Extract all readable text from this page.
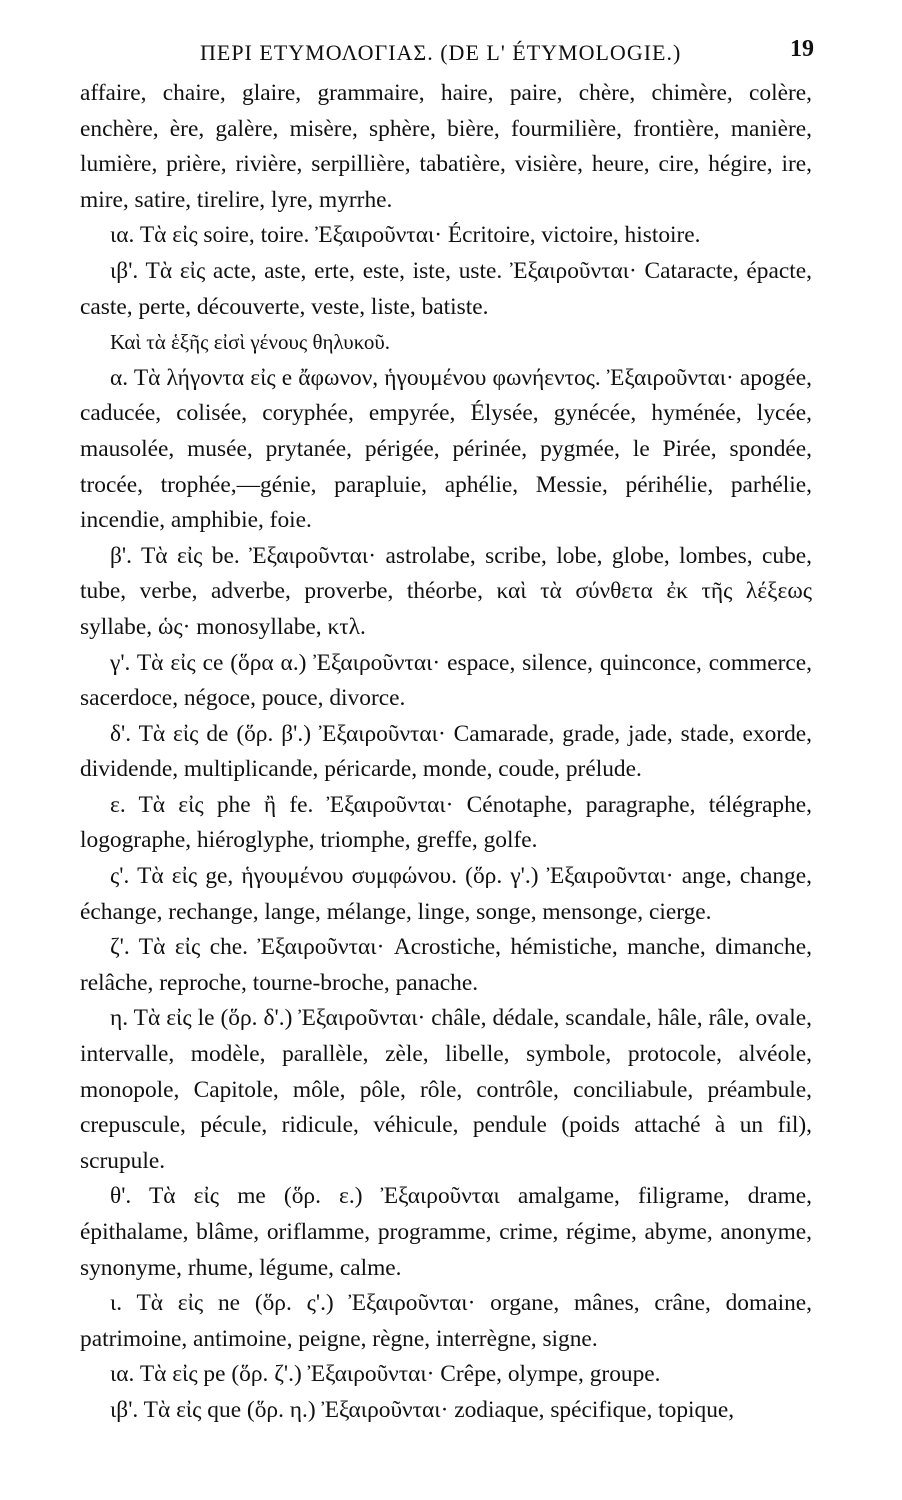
ΠΕΡΙ ΕΤΥΜΟΛΟΓΙΑΣ. (DE L' ÉTYMOLOGIE.)	19

affaire, chaire, glaire, grammaire, haire, paire, chère, chimère, colère, enchère, ère, galère, misère, sphère, bière, fourmilière, frontière, manière, lumière, prière, rivière, serpillière, tabatière, visière, heure, cire, hégire, ire, mire, satire, tirelire, lyre, myrrhe.

ια. Τὰ εἰς soire, toire. Ἐξαιροῦνται· Écritoire, victoire, histoire.

ιβ'. Τὰ εἰς acte, aste, erte, este, iste, uste. Ἐξαιροῦνται· Cataracte, épacte, caste, perte, découverte, veste, liste, batiste.

Καὶ τὰ ἑξῆς εἰσὶ γένους θηλυκοῦ.

α. Τὰ λήγοντα εἰς e ἄφωνον, ἡγουμένου φωνήεντος. Ἐξαιροῦνται· apogée, caducée, colisée, coryphée, empyrée, Élysée, gynécée, hyménée, lycée, mausolée, musée, prytanée, périgée, périnée, pygmée, le Pirée, spondée, trocée, trophée,—génie, parapluie, aphélie, Messie, périhélie, parhélie, incendie, amphibie, foie.

β'. Τὰ εἰς be. Ἐξαιροῦνται· astrolabe, scribe, lobe, globe, lombes, cube, tube, verbe, adverbe, proverbe, théorbe, καὶ τὰ σύνθετα ἐκ τῆς λέξεως syllabe, ὡς· monosyllabe, κτλ.

γ'. Τὰ εἰς ce (ὅρα α.) Ἐξαιροῦνται· espace, silence, quinconce, commerce, sacerdoce, négoce, pouce, divorce.

δ'. Τὰ εἰς de (ὅρ. β'.) Ἐξαιροῦνται· Camarade, grade, jade, stade, exorde, dividende, multiplicande, péricarde, monde, coude, prélude.

ε. Τὰ εἰς phe ἢ fe. Ἐξαιροῦνται· Cénotaphe, paragraphe, télégraphe, logographe, hiéroglyphe, triomphe, greffe, golfe.

ς'. Τὰ εἰς ge, ἡγουμένου συμφώνου. (ὅρ. γ'.) Ἐξαιροῦνται· ange, change, échange, rechange, lange, mélange, linge, songe, mensonge, cierge.

ζ'. Τὰ εἰς che. Ἐξαιροῦνται· Acrostiche, hémistiche, manche, dimanche, relâche, reproche, tourne-broche, panache.

η. Τὰ εἰς le (ὅρ. δ'.) Ἐξαιροῦνται· châle, dédale, scandale, hâle, râle, ovale, intervalle, modèle, parallèle, zèle, libelle, symbole, protocole, alvéole, monopole, Capitole, môle, pôle, rôle, contrôle, conciliabule, préambule, crepuscule, pécule, ridicule, véhicule, pendule (poids attaché à un fil), scrupule.

θ'. Τὰ εἰς me (ὅρ. ε.) Ἐξαιροῦνται amalgame, filigrame, drame, épithalame, blâme, oriflamme, programme, crime, régime, abyme, anonyme, synonyme, rhume, légume, calme.

ι. Τὰ εἰς ne (ὅρ. ς'.) Ἐξαιροῦνται· organe, mânes, crâne, domaine, patrimoine, antimoine, peigne, règne, interrègne, signe.

ια. Τὰ εἰς pe (ὅρ. ζ'.) Ἐξαιροῦνται· Crêpe, olympe, groupe.

ιβ'. Τὰ εἰς que (ὅρ. η.) Ἐξαιροῦνται· zodiaque, spécifique, topique,
